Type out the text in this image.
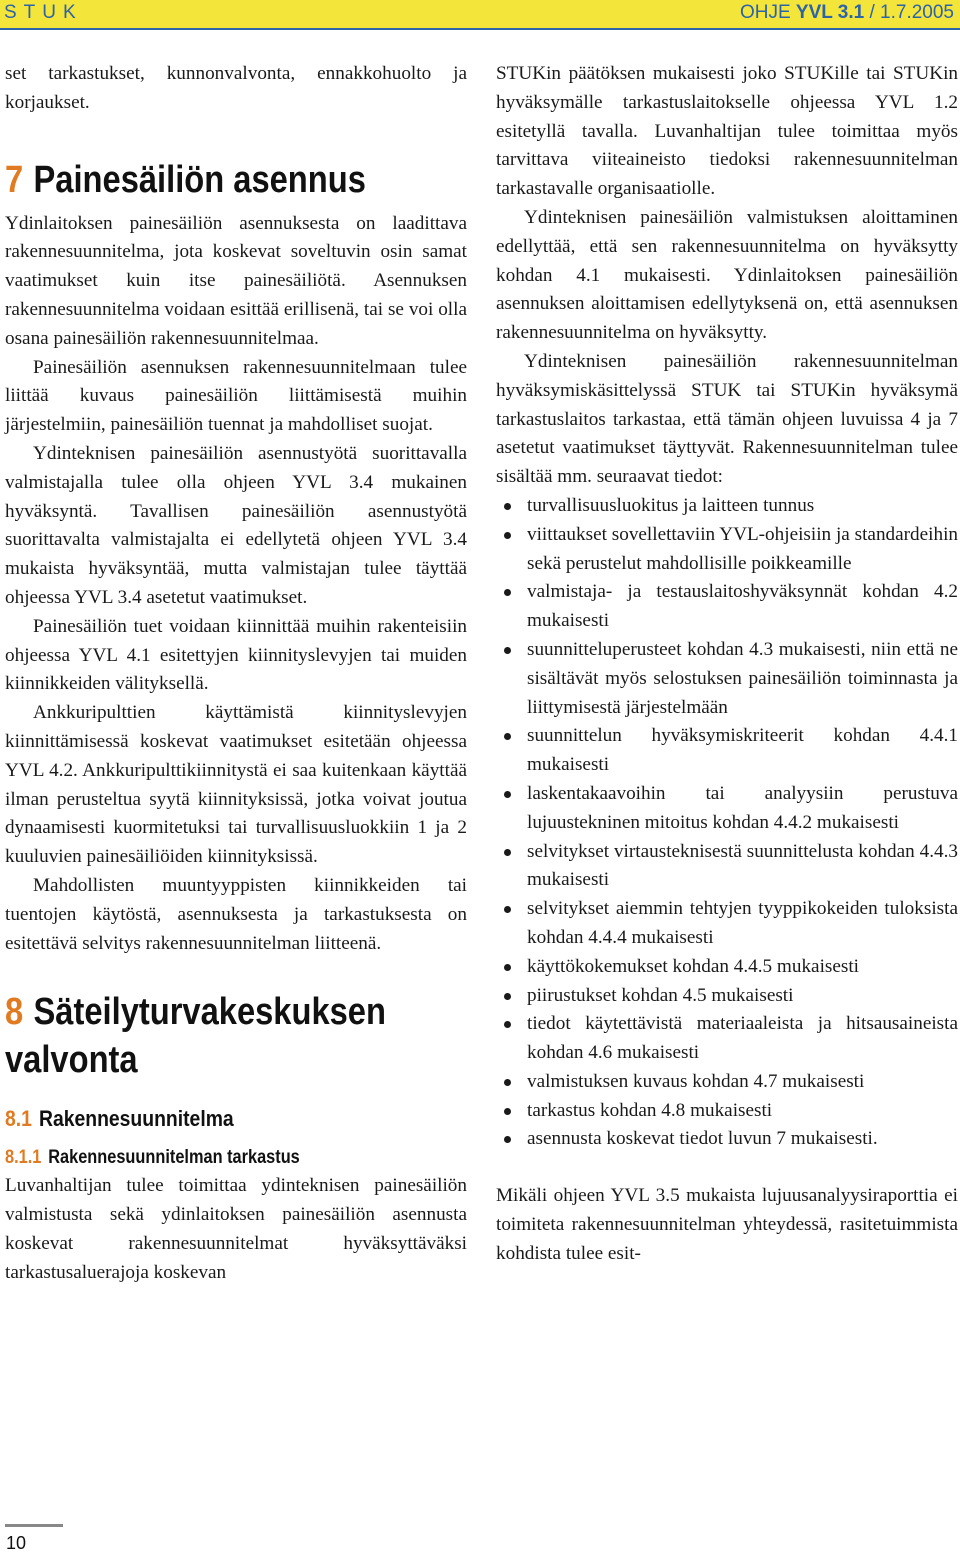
STUK	OHJE YVL 3.1 / 1.7.2005

set tarkastukset, kunnonvalvonta, ennakkohuolto ja korjaukset.

7 Painesäiliön asennus

Ydinlaitoksen painesäiliön asennuksesta on laadittava rakennesuunnitelma, jota koskevat soveltuvin osin samat vaatimukset kuin itse painesäiliötä. Asennuksen rakennesuunnitelma voidaan esittää erillisenä, tai se voi olla osana painesäiliön rakennesuunnitelmaa.

Painesäiliön asennuksen rakennesuunnitelmaan tulee liittää kuvaus painesäiliön liittämisestä muihin järjestelmiin, painesäiliön tuennat ja mahdolliset suojat.

Ydinteknisen painesäiliön asennustyötä suorittavalla valmistajalla tulee olla ohjeen YVL 3.4 mukainen hyväksyntä. Tavallisen painesäiliön asennustyötä suorittavalta valmistajalta ei edellytetä ohjeen YVL 3.4 mukaista hyväksyntää, mutta valmistajan tulee täyttää ohjeessa YVL 3.4 asetetut vaatimukset.

Painesäiliön tuet voidaan kiinnittää muihin rakenteisiin ohjeessa YVL 4.1 esitettyjen kiinnityslevyjen tai muiden kiinnikkeiden välityksellä.

Ankkuripulttien käyttämistä kiinnityslevyjen kiinnittämisessä koskevat vaatimukset esitetään ohjeessa YVL 4.2. Ankkuripulttikiinnitystä ei saa kuitenkaan käyttää ilman perusteltua syytä kiinnityksissä, jotka voivat joutua dynaamisesti kuormitetuksi tai turvallisuusluokkiin 1 ja 2 kuuluvien painesäiliöiden kiinnityksissä.

Mahdollisten muuntyyppisten kiinnikkeiden tai tuentojen käytöstä, asennuksesta ja tarkastuksesta on esitettävä selvitys rakennesuunnitelman liitteenä.

8 Säteilyturvakeskuksen
valvonta
8.1 Rakennesuunnitelma
8.1.1 Rakennesuunnitelman tarkastus

Luvanhaltijan tulee toimittaa ydinteknisen painesäiliön valmistusta sekä ydinlaitoksen painesäiliön asennusta koskevat rakennesuunnitelmat hyväksyttäväksi tarkastusaluerajoja koskevan

STUKin päätöksen mukaisesti joko STUKille tai STUKin hyväksymälle tarkastuslaitokselle ohjeessa YVL 1.2 esitetyllä tavalla. Luvanhaltijan tulee toimittaa myös tarvittava viiteaineisto tiedoksi rakennesuunnitelman tarkastavalle organisaatiolle.

Ydinteknisen painesäiliön valmistuksen aloittaminen edellyttää, että sen rakennesuunnitelma on hyväksytty kohdan 4.1 mukaisesti. Ydinlaitoksen painesäiliön asennuksen aloittamisen edellytyksenä on, että asennuksen rakennesuunnitelma on hyväksytty.

Ydinteknisen painesäiliön rakennesuunnitelman hyväksymiskäsittelyssä STUK tai STUKin hyväksymä tarkastuslaitos tarkastaa, että tämän ohjeen luvuissa 4 ja 7 asetetut vaatimukset täyttyvät. Rakennesuunnitelman tulee sisältää mm. seuraavat tiedot:

turvallisuusluokitus ja laitteen tunnus
viittaukset sovellettaviin YVL-ohjeisiin ja standardeihin sekä perustelut mahdollisille poikkeamille
valmistaja- ja testauslaitoshyväksynnät kohdan 4.2 mukaisesti
suunnitteluperusteet kohdan 4.3 mukaisesti, niin että ne sisältävät myös selostuksen painesäiliön toiminnasta ja liittymisestä järjestelmään
suunnittelun hyväksymiskriteerit kohdan 4.4.1 mukaisesti
laskentakaavoihin tai analyysiin perustuva lujuustekninen mitoitus kohdan 4.4.2 mukaisesti
selvitykset virtausteknisestä suunnittelusta kohdan 4.4.3 mukaisesti
selvitykset aiemmin tehtyjen tyyppikokeiden tuloksista kohdan 4.4.4 mukaisesti
käyttökokemukset kohdan 4.4.5 mukaisesti
piirustukset kohdan 4.5 mukaisesti
tiedot käytettävistä materiaaleista ja hitsausaineista kohdan 4.6 mukaisesti
valmistuksen kuvaus kohdan 4.7 mukaisesti
tarkastus kohdan 4.8 mukaisesti
asennusta koskevat tiedot luvun 7 mukaisesti.

Mikäli ohjeen YVL 3.5 mukaista lujuusanalyysiraporttia ei toimiteta rakennesuunnitelman yhteydessä, rasitetuimmista kohdista tulee esit-

10
